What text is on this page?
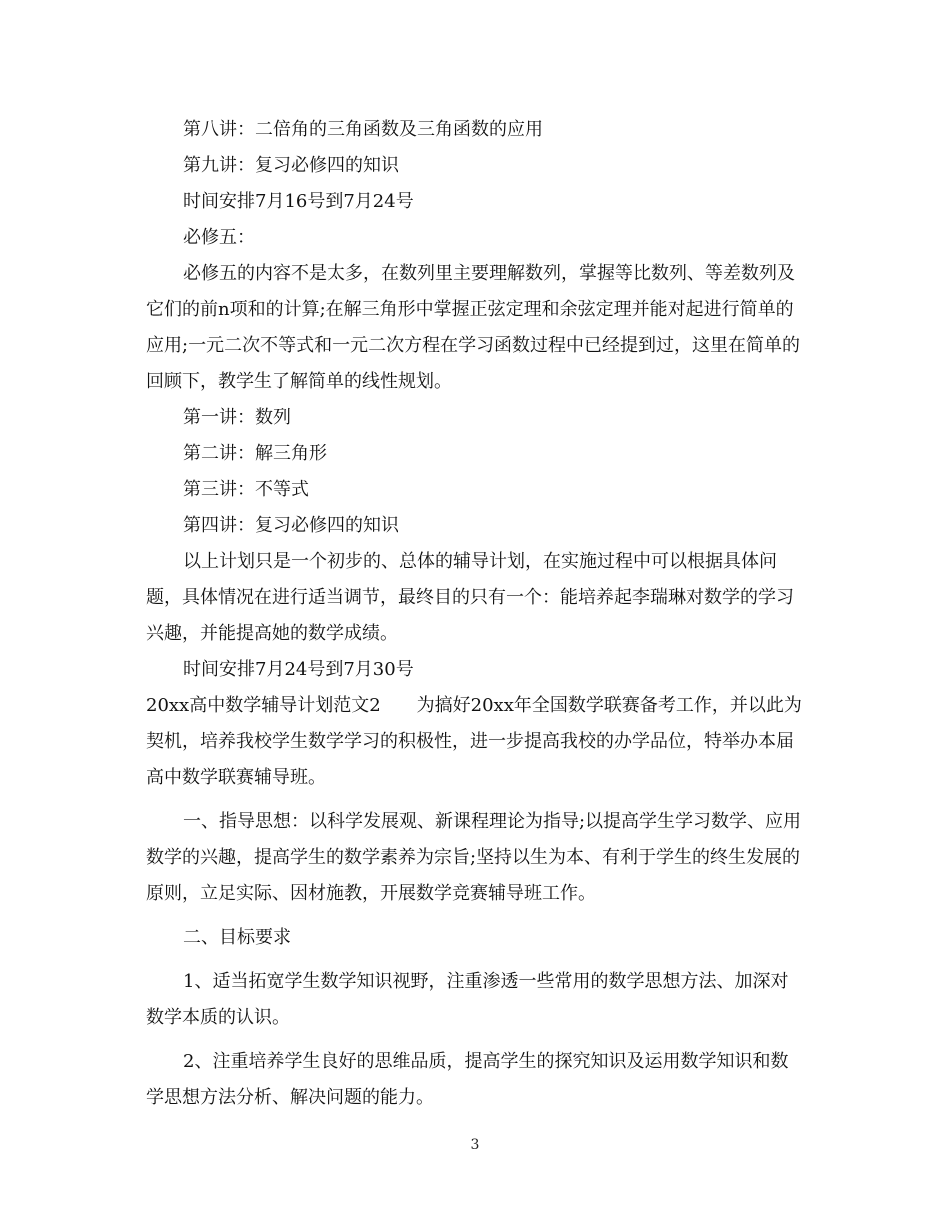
第八讲：二倍角的三角函数及三角函数的应用

第九讲：复习必修四的知识

时间安排7月16号到7月24号

必修五：

必修五的内容不是太多，在数列里主要理解数列，掌握等比数列、等差数列及它们的前n项和的计算;在解三角形中掌握正弦定理和余弦定理并能对起进行简单的应用;一元二次不等式和一元二次方程在学习函数过程中已经提到过，这里在简单的回顾下，教学生了解简单的线性规划。

第一讲：数列

第二讲：解三角形

第三讲：不等式

第四讲：复习必修四的知识

以上计划只是一个初步的、总体的辅导计划，在实施过程中可以根据具体问题，具体情况在进行适当调节，最终目的只有一个：能培养起李瑞琳对数学的学习兴趣，并能提高她的数学成绩。

时间安排7月24号到7月30号

20xx高中数学辅导计划范文2　　为搞好20xx年全国数学联赛备考工作，并以此为契机，培养我校学生数学学习的积极性，进一步提高我校的办学品位，特举办本届高中数学联赛辅导班。

一、指导思想：以科学发展观、新课程理论为指导;以提高学生学习数学、应用数学的兴趣，提高学生的数学素养为宗旨;坚持以生为本、有利于学生的终生发展的原则，立足实际、因材施教，开展数学竞赛辅导班工作。

二、目标要求

1、适当拓宽学生数学知识视野，注重渗透一些常用的数学思想方法、加深对数学本质的认识。

2、注重培养学生良好的思维品质，提高学生的探究知识及运用数学知识和数学思想方法分析、解决问题的能力。

3
